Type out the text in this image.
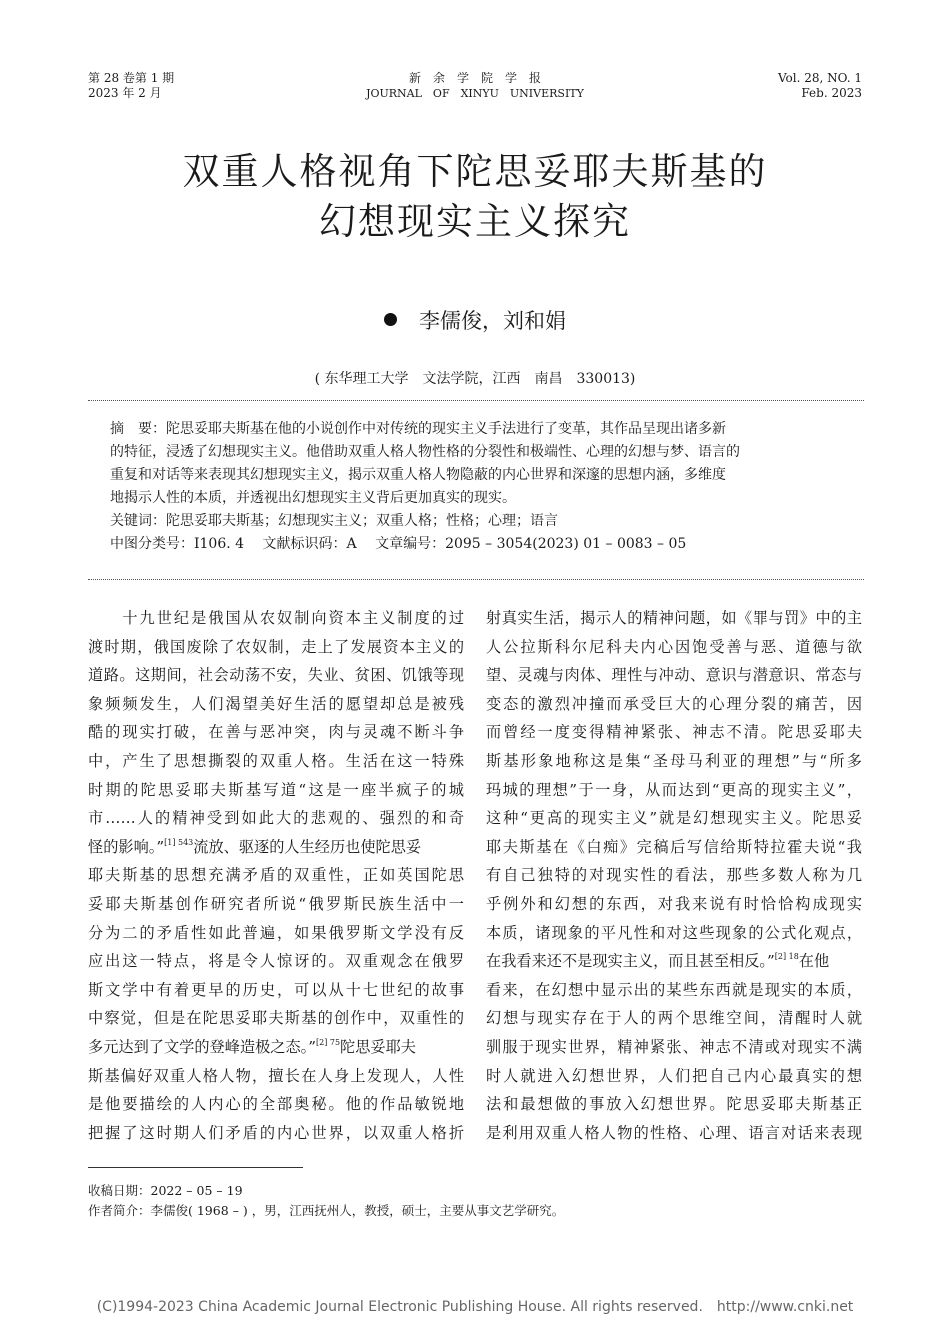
第 28 卷第 1 期
2023 年 2 月
新　余　学　院　学　报
JOURNAL　OF　XINYU　UNIVERSITY
Vol. 28, NO. 1
Feb. 2023
双重人格视角下陀思妥耶夫斯基的
幻想现实主义探究
李儒俊，刘和娟
( 东华理工大学　文法学院，江西　南昌　330013)
摘　要：陀思妥耶夫斯基在他的小说创作中对传统的现实主义手法进行了变革，其作品呈现出诸多新
的特征，浸透了幻想现实主义。他借助双重人格人物性格的分裂性和极端性、心理的幻想与梦、语言的
重复和对话等来表现其幻想现实主义，揭示双重人格人物隐蔽的内心世界和深邃的思想内涵，多维度
地揭示人性的本质，并透视出幻想现实主义背后更加真实的现实。
关键词：陀思妥耶夫斯基；幻想现实主义；双重人格；性格；心理；语言
中图分类号：I106. 4　 文献标识码：A　 文章编号：2095 – 3054(2023) 01 – 0083 – 05
　　十九世纪是俄国从农奴制向资本主义制度的过
渡时期，俄国废除了农奴制，走上了发展资本主义的
道路。这期间，社会动荡不安，失业、贫困、饥饿等现
象频频发生，人们渴望美好生活的愿望却总是被残
酷的现实打破，在善与恶冲突，肉与灵魂不断斗争
中，产生了思想撕裂的双重人格。生活在这一特殊
时期的陀思妥耶夫斯基写道“这是一座半疯子的城
市……人的精神受到如此大的悲观的、强烈的和奇
怪的影响。”$^{[1] 543}$流放、驱逐的人生经历也使陀思妥
耶夫斯基的思想充满矛盾的双重性，正如英国陀思
妥耶夫斯基创作研究者所说“俄罗斯民族生活中一
分为二的矛盾性如此普遍，如果俄罗斯文学没有反
应出这一特点，将是令人惊讶的。双重观念在俄罗
斯文学中有着更早的历史，可以从十七世纪的故事
中察觉，但是在陀思妥耶夫斯基的创作中，双重性的
多元达到了文学的登峰造极之态。”$^{[2] 75}$陀思妥耶夫
斯基偏好双重人格人物，擅长在人身上发现人，人性
是他要描绘的人内心的全部奥秘。他的作品敏锐地
把握了这时期人们矛盾的内心世界，以双重人格折
射真实生活，揭示人的精神问题，如《罪与罚》中的主
人公拉斯科尔尼科夫内心因饱受善与恶、道德与欲
望、灵魂与肉体、理性与冲动、意识与潜意识、常态与
变态的激烈冲撞而承受巨大的心理分裂的痛苦，因
而曾经一度变得精神紧张、神志不清。陀思妥耶夫
斯基形象地称这是集“圣母马利亚的理想”与“所多
玛城的理想”于一身，从而达到“更高的现实主义”，
这种“更高的现实主义”就是幻想现实主义。陀思妥
耶夫斯基在《白痴》完稿后写信给斯特拉霍夫说“我
有自己独特的对现实性的看法，那些多数人称为几
乎例外和幻想的东西，对我来说有时恰恰构成现实
本质，诸现象的平凡性和对这些现象的公式化观点，
在我看来还不是现实主义，而且甚至相反。”$^{[2] 18}$在他
看来，在幻想中显示出的某些东西就是现实的本质，
幻想与现实存在于人的两个思维空间，清醒时人就
驯服于现实世界，精神紧张、神志不清或对现实不满
时人就进入幻想世界，人们把自己内心最真实的想
法和最想做的事放入幻想世界。陀思妥耶夫斯基正
是利用双重人格人物的性格、心理、语言对话来表现
收稿日期：2022 – 05 – 19
作者简介：李儒俊( 1968 – ) ，男，江西抚州人，教授，硕士，主要从事文艺学研究。
(C)1994-2023 China Academic Journal Electronic Publishing House. All rights reserved.　http://www.cnki.net
